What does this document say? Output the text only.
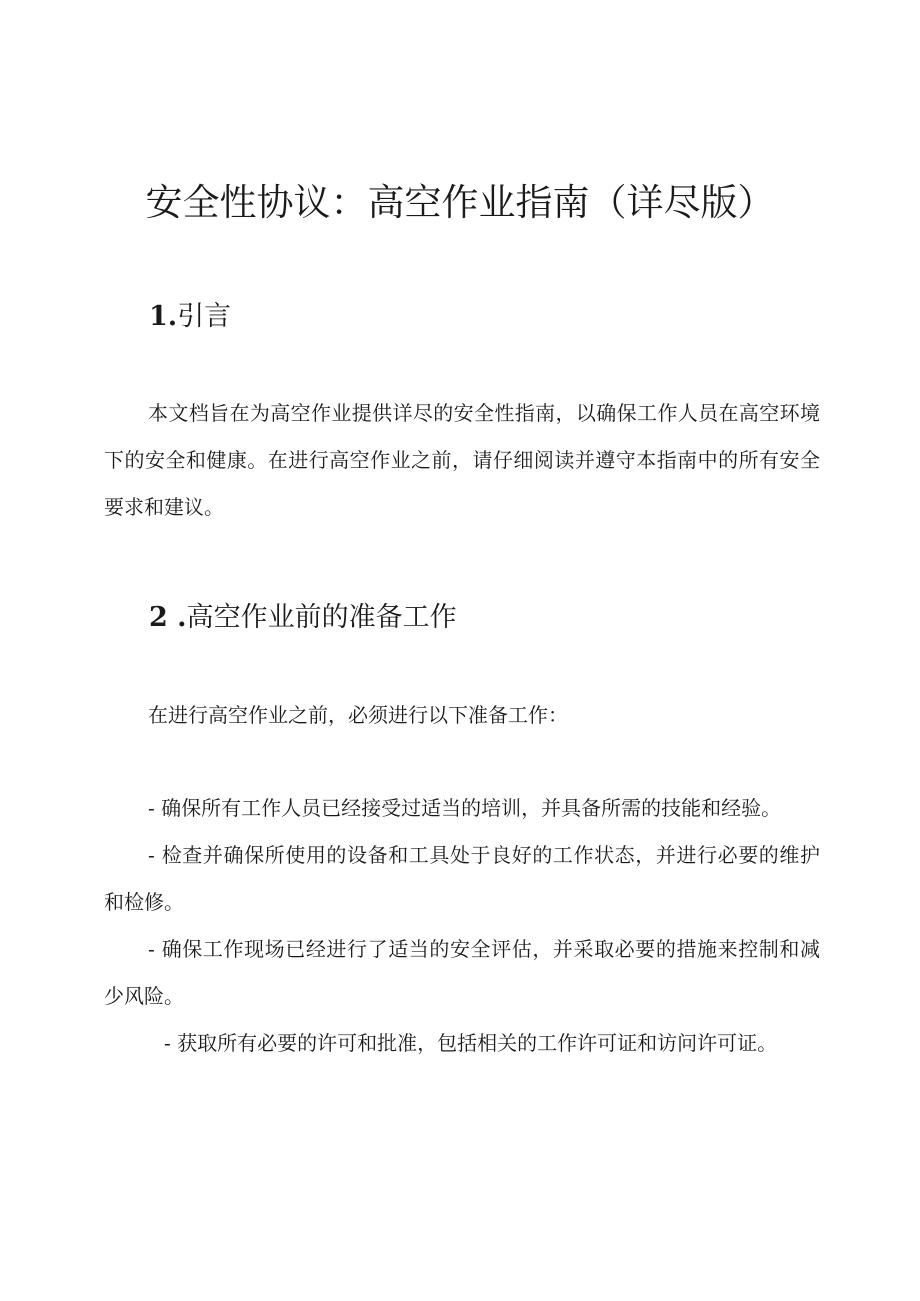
安全性协议：高空作业指南（详尽版）
1.引言

本文档旨在为高空作业提供详尽的安全性指南，以确保工作人员在高空环境下的安全和健康。在进行高空作业之前，请仔细阅读并遵守本指南中的所有安全要求和建议。

2 .高空作业前的准备工作

在进行高空作业之前，必须进行以下准备工作：

- 确保所有工作人员已经接受过适当的培训，并具备所需的技能和经验。
- 检查并确保所使用的设备和工具处于良好的工作状态，并进行必要的维护和检修。
- 确保工作现场已经进行了适当的安全评估，并采取必要的措施来控制和减少风险。
- 获取所有必要的许可和批准，包括相关的工作许可证和访问许可证。
